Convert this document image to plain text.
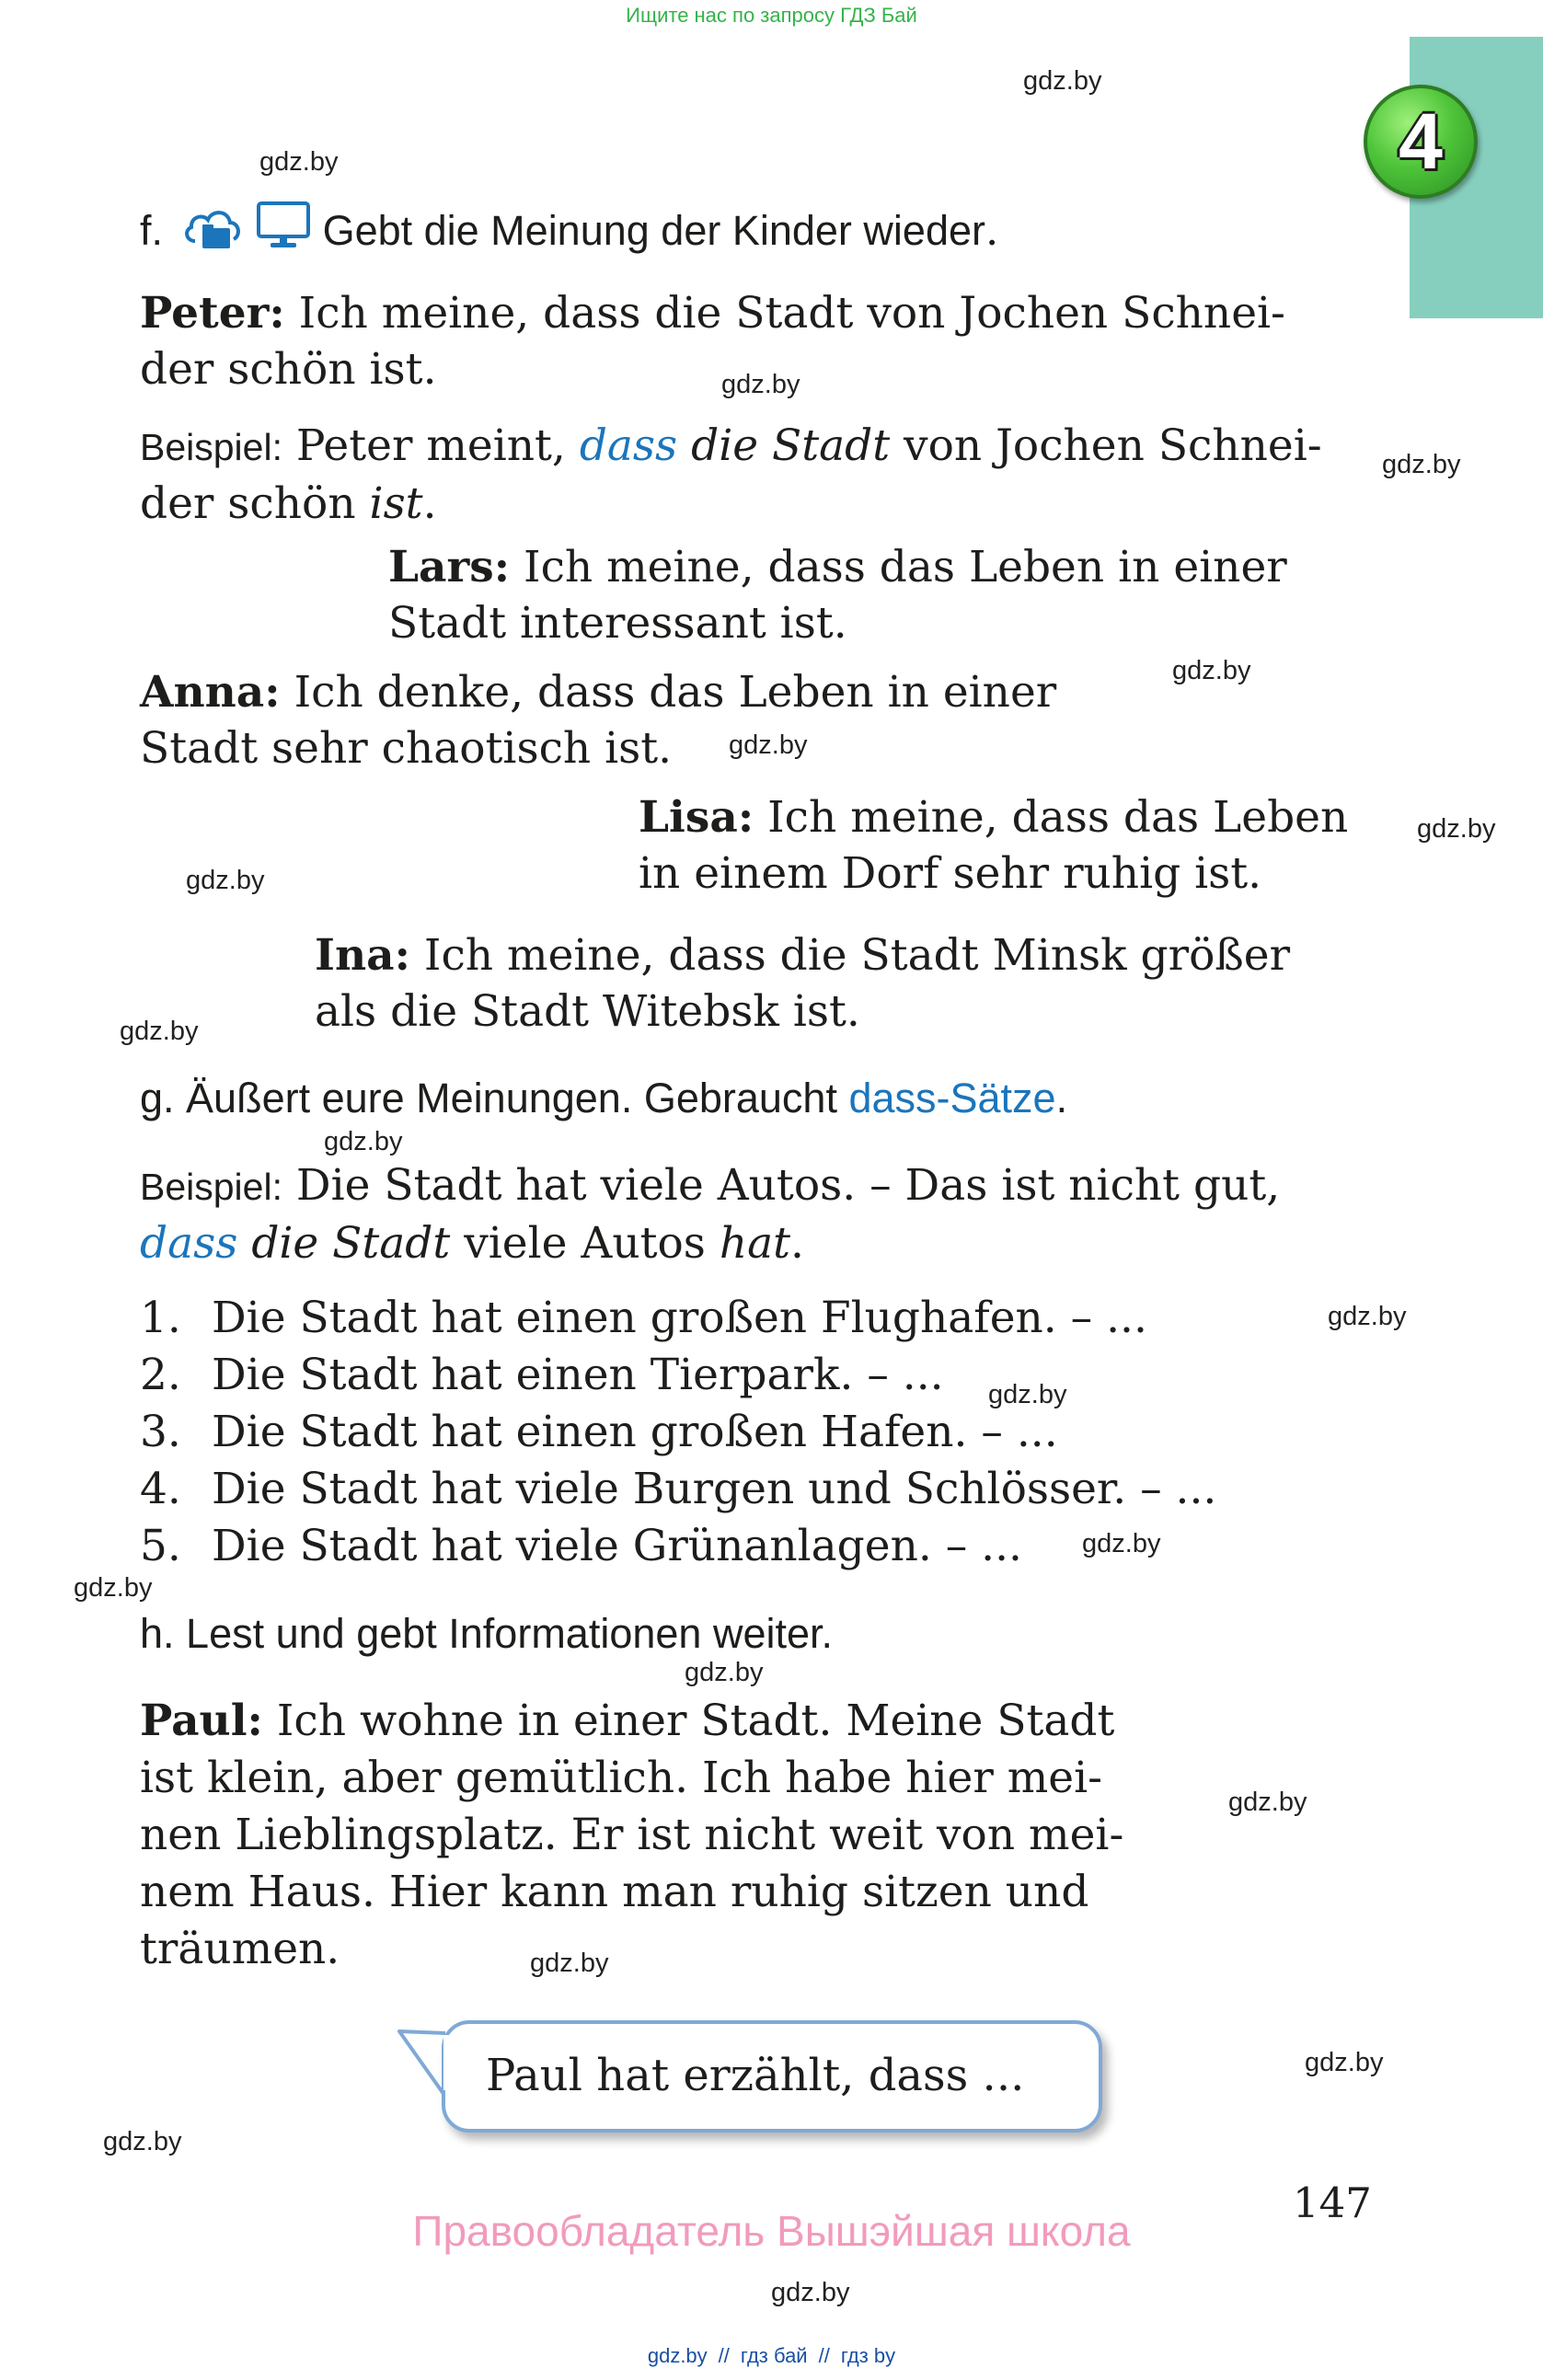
Ищите нас по запросу ГДЗ Бай
4
gdz.by
gdz.by
gdz.by
gdz.by
gdz.by
gdz.by
gdz.by
gdz.by
gdz.by
gdz.by
gdz.by
gdz.by
gdz.by
gdz.by
gdz.by
gdz.by
gdz.by
gdz.by
gdz.by
gdz.by
f.	Gebt die Meinung der Kinder wieder.
Peter: Ich meine, dass die Stadt von Jochen Schnei-
der schön ist.
Beispiel: Peter meint, dass die Stadt von Jochen Schnei-
der schön ist.
Lars: Ich meine, dass das Leben in einer
Stadt interessant ist.
Anna: Ich denke, dass das Leben in einer
Stadt sehr chaotisch ist.
Lisa: Ich meine, dass das Leben
in einem Dorf sehr ruhig ist.
Ina: Ich meine, dass die Stadt Minsk größer
als die Stadt Witebsk ist.
g. Äußert eure Meinungen. Gebraucht dass-Sätze.
Beispiel: Die Stadt hat viele Autos. – Das ist nicht gut,
dass die Stadt viele Autos hat.
1. Die Stadt hat einen großen Flughafen. – ...
2. Die Stadt hat einen Tierpark. – ...
3. Die Stadt hat einen großen Hafen. – ...
4. Die Stadt hat viele Burgen und Schlösser. – ...
5. Die Stadt hat viele Grünanlagen. – ...
h. Lest und gebt Informationen weiter.
Paul: Ich wohne in einer Stadt. Meine Stadt
ist klein, aber gemütlich. Ich habe hier mei-
nen Lieblingsplatz. Er ist nicht weit von mei-
nem Haus. Hier kann man ruhig sitzen und
träumen.
Paul hat erzählt, dass ...
147
Правообладатель Вышэйшая школа
gdz.by // гдз бай // гдз by
